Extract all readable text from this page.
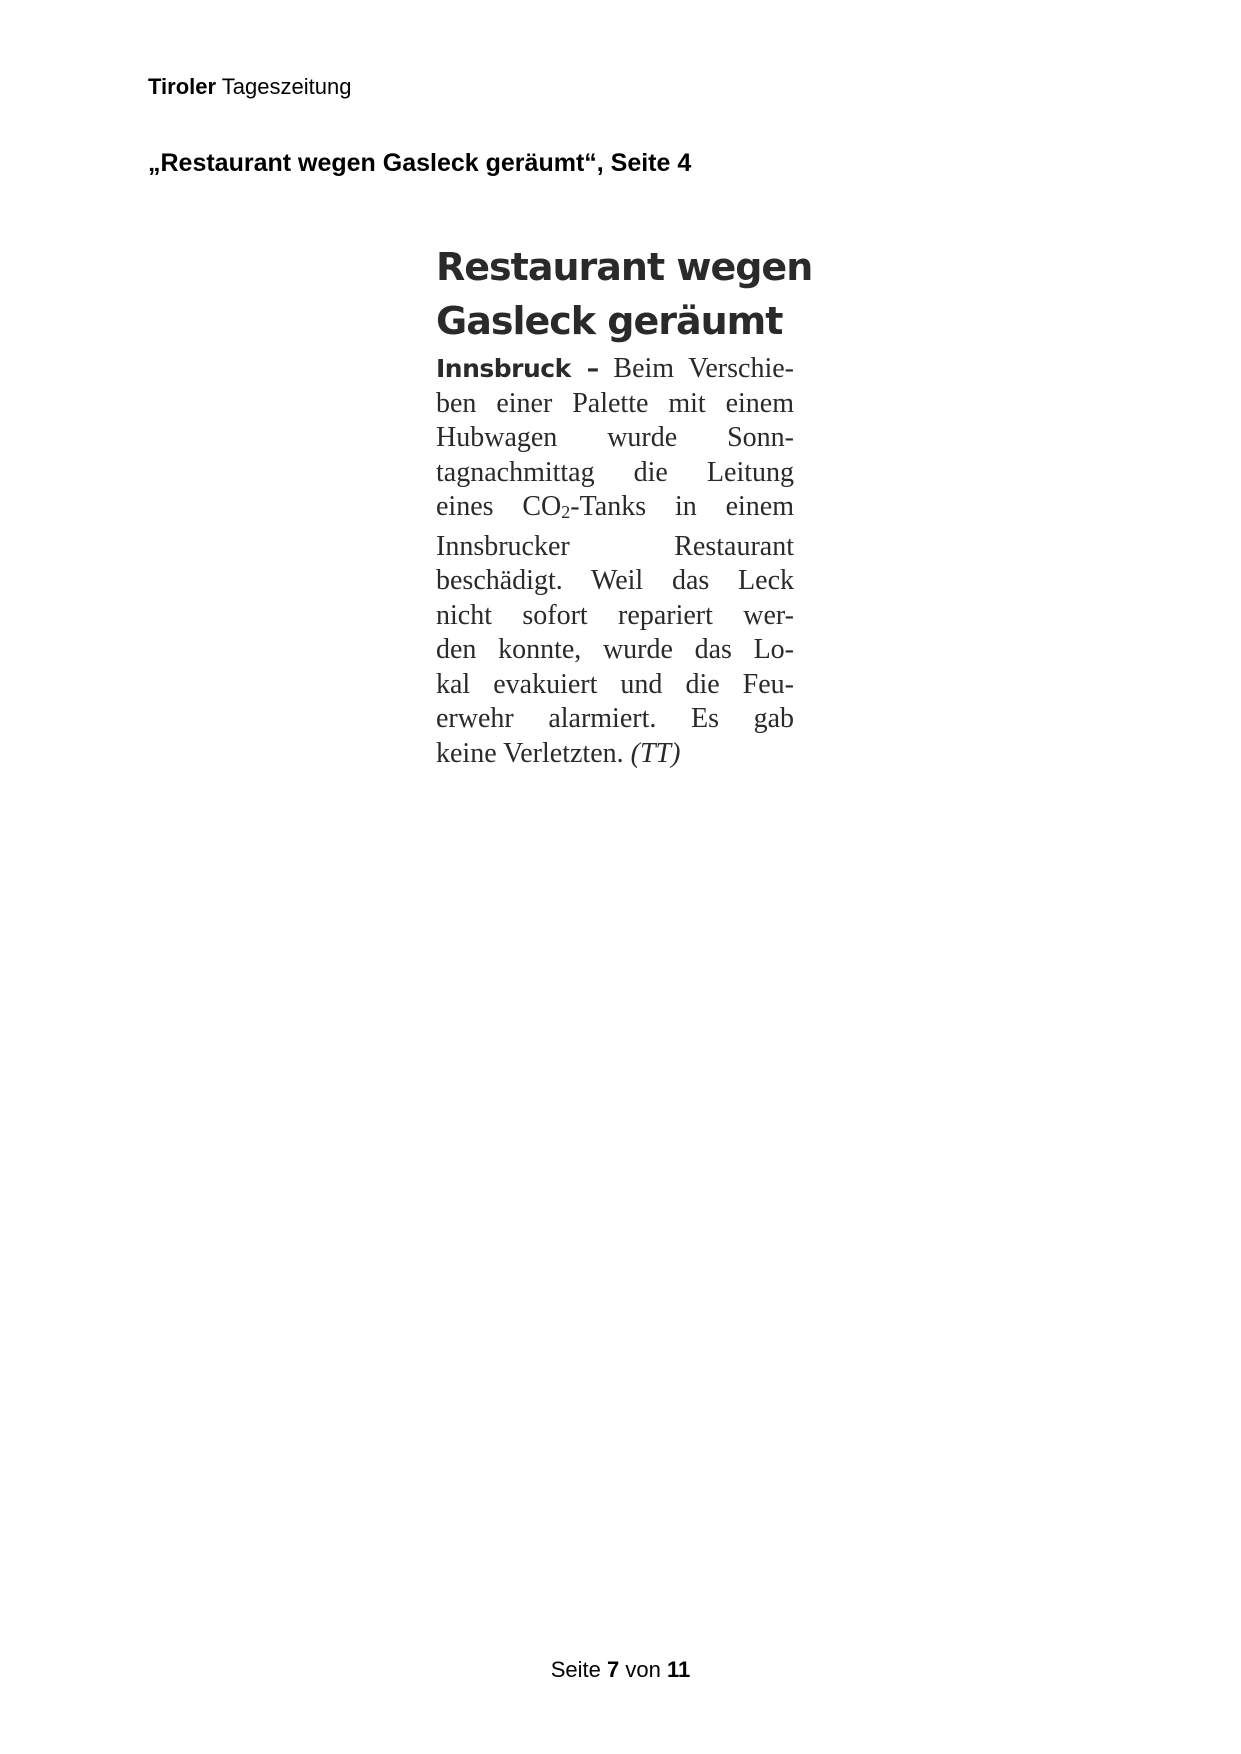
Tiroler Tageszeitung
„Restaurant wegen Gasleck geräumt“, Seite 4
Restaurant wegen
Gasleck geräumt
Innsbruck – Beim Verschie-
ben einer Palette mit einem
Hubwagen wurde Sonn-
tagnachmittag die Leitung
eines CO2-Tanks in einem
Innsbrucker Restaurant
beschädigt. Weil das Leck
nicht sofort repariert wer-
den konnte, wurde das Lo-
kal evakuiert und die Feu-
erwehr alarmiert. Es gab
keine Verletzten. (TT)
Seite 7 von 11
